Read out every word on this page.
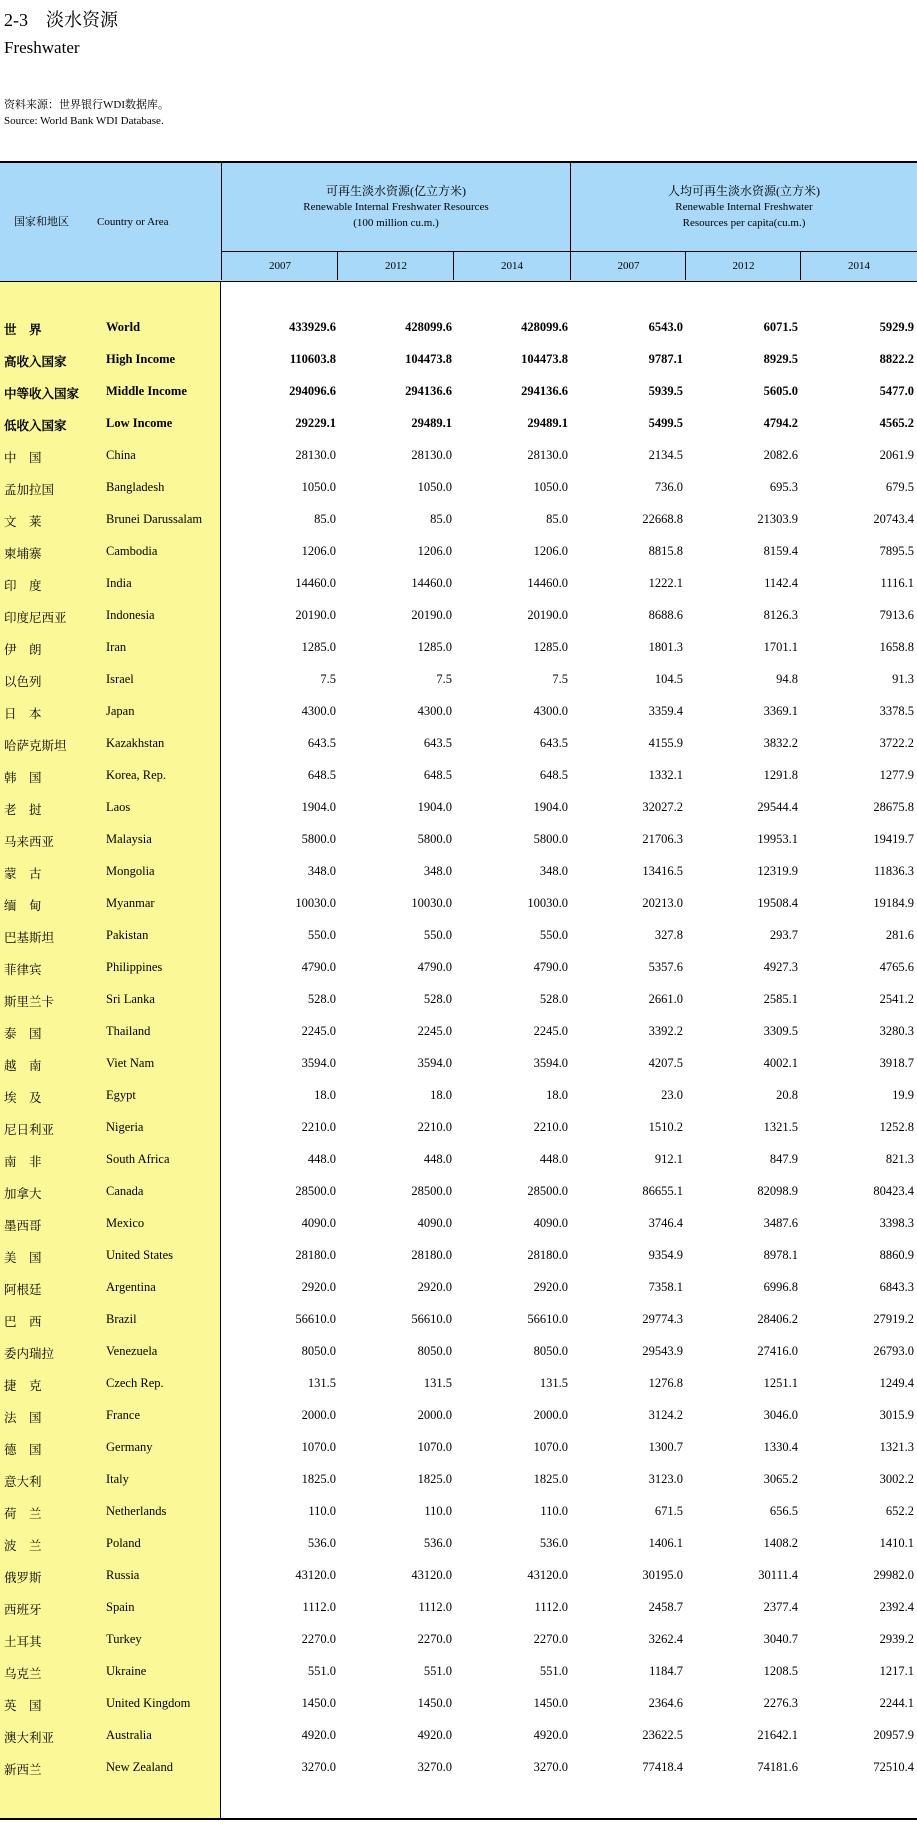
2-3　淡水资源
Freshwater
资料来源：世界银行WDI数据库。
Source: World Bank WDI Database.
国家和地区	Country or Area
可再生淡水资源(亿立方米)
Renewable Internal Freshwater Resources
(100 million cu.m.)
人均可再生淡水资源(立方米)
Renewable Internal Freshwater
Resources per capita(cu.m.)
2007	2012	2014	2007	2012	2014
世　界	World	433929.6	428099.6	428099.6	6543.0	6071.5	5929.9
高收入国家	High Income	110603.8	104473.8	104473.8	9787.1	8929.5	8822.2
中等收入国家 Middle Income	294096.6	294136.6	294136.6	5939.5	5605.0	5477.0
低收入国家	Low Income	29229.1	29489.1	29489.1	5499.5	4794.2	4565.2
中　国	China	28130.0	28130.0	28130.0	2134.5	2082.6	2061.9
孟加拉国	Bangladesh	1050.0	1050.0	1050.0	736.0	695.3	679.5
文　莱	Brunei Darussalam	85.0	85.0	85.0	22668.8	21303.9	20743.4
柬埔寨	Cambodia	1206.0	1206.0	1206.0	8815.8	8159.4	7895.5
印　度	India	14460.0	14460.0	14460.0	1222.1	1142.4	1116.1
印度尼西亚	Indonesia	20190.0	20190.0	20190.0	8688.6	8126.3	7913.6
伊　朗	Iran	1285.0	1285.0	1285.0	1801.3	1701.1	1658.8
以色列	Israel	7.5	7.5	7.5	104.5	94.8	91.3
日　本	Japan	4300.0	4300.0	4300.0	3359.4	3369.1	3378.5
哈萨克斯坦	Kazakhstan	643.5	643.5	643.5	4155.9	3832.2	3722.2
韩　国	Korea, Rep.	648.5	648.5	648.5	1332.1	1291.8	1277.9
老　挝	Laos	1904.0	1904.0	1904.0	32027.2	29544.4	28675.8
马来西亚	Malaysia	5800.0	5800.0	5800.0	21706.3	19953.1	19419.7
蒙　古	Mongolia	348.0	348.0	348.0	13416.5	12319.9	11836.3
缅　甸	Myanmar	10030.0	10030.0	10030.0	20213.0	19508.4	19184.9
巴基斯坦	Pakistan	550.0	550.0	550.0	327.8	293.7	281.6
菲律宾	Philippines	4790.0	4790.0	4790.0	5357.6	4927.3	4765.6
斯里兰卡	Sri Lanka	528.0	528.0	528.0	2661.0	2585.1	2541.2
泰　国	Thailand	2245.0	2245.0	2245.0	3392.2	3309.5	3280.3
越　南	Viet Nam	3594.0	3594.0	3594.0	4207.5	4002.1	3918.7
埃　及	Egypt	18.0	18.0	18.0	23.0	20.8	19.9
尼日利亚	Nigeria	2210.0	2210.0	2210.0	1510.2	1321.5	1252.8
南　非	South Africa	448.0	448.0	448.0	912.1	847.9	821.3
加拿大	Canada	28500.0	28500.0	28500.0	86655.1	82098.9	80423.4
墨西哥	Mexico	4090.0	4090.0	4090.0	3746.4	3487.6	3398.3
美　国	United States	28180.0	28180.0	28180.0	9354.9	8978.1	8860.9
阿根廷	Argentina	2920.0	2920.0	2920.0	7358.1	6996.8	6843.3
巴　西	Brazil	56610.0	56610.0	56610.0	29774.3	28406.2	27919.2
委内瑞拉	Venezuela	8050.0	8050.0	8050.0	29543.9	27416.0	26793.0
捷　克	Czech Rep.	131.5	131.5	131.5	1276.8	1251.1	1249.4
法　国	France	2000.0	2000.0	2000.0	3124.2	3046.0	3015.9
德　国	Germany	1070.0	1070.0	1070.0	1300.7	1330.4	1321.3
意大利	Italy	1825.0	1825.0	1825.0	3123.0	3065.2	3002.2
荷　兰	Netherlands	110.0	110.0	110.0	671.5	656.5	652.2
波　兰	Poland	536.0	536.0	536.0	1406.1	1408.2	1410.1
俄罗斯	Russia	43120.0	43120.0	43120.0	30195.0	30111.4	29982.0
西班牙	Spain	1112.0	1112.0	1112.0	2458.7	2377.4	2392.4
土耳其	Turkey	2270.0	2270.0	2270.0	3262.4	3040.7	2939.2
乌克兰	Ukraine	551.0	551.0	551.0	1184.7	1208.5	1217.1
英　国	United Kingdom	1450.0	1450.0	1450.0	2364.6	2276.3	2244.1
澳大利亚	Australia	4920.0	4920.0	4920.0	23622.5	21642.1	20957.9
新西兰	New Zealand	3270.0	3270.0	3270.0	77418.4	74181.6	72510.4
